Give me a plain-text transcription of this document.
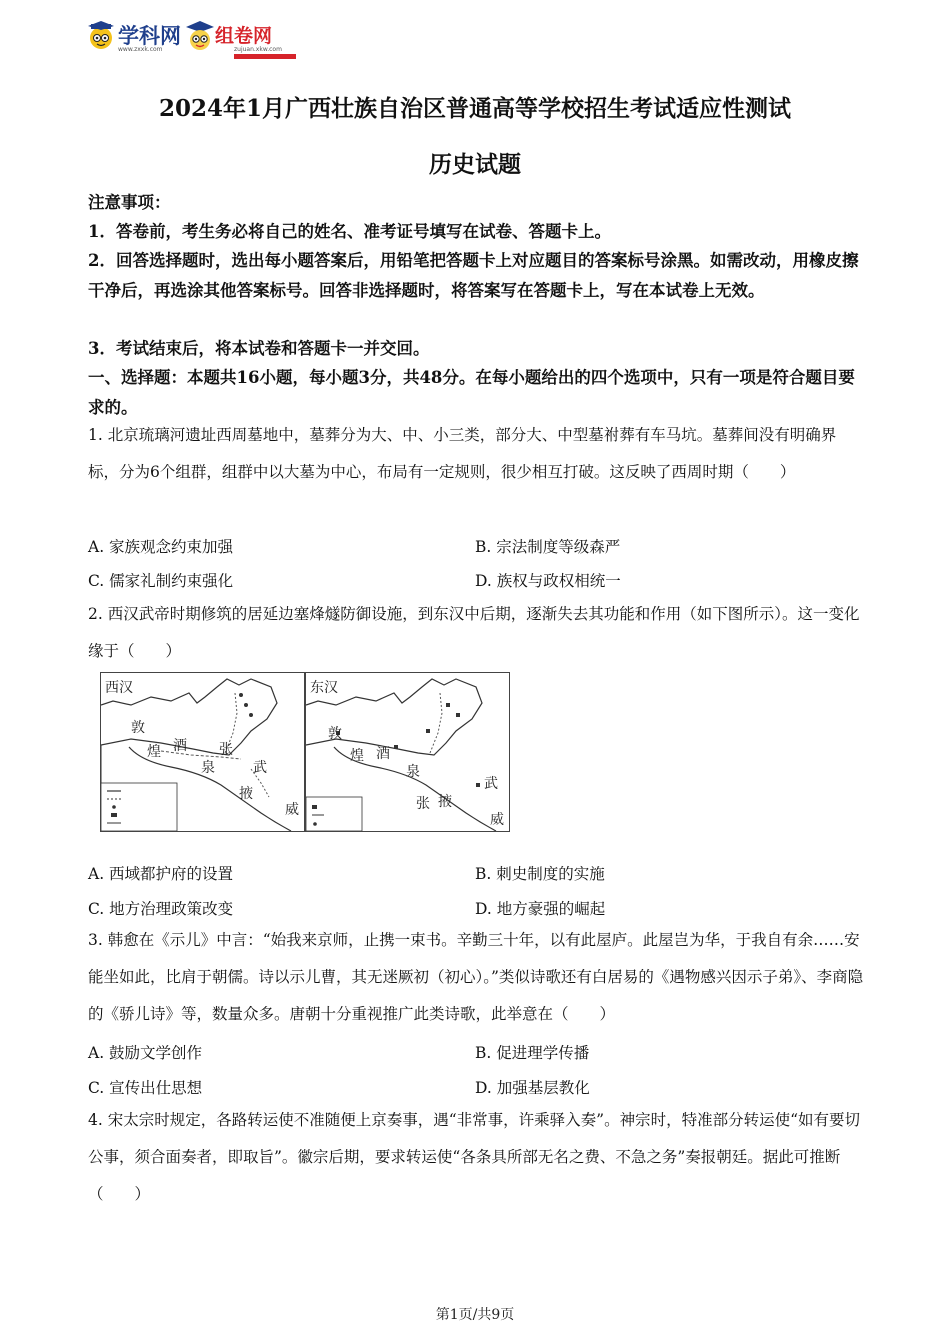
学科网
www.zxxk.com
组卷网
zujuan.xkw.com
2024年1月广西壮族自治区普通高等学校招生考试适应性测试
历史试题
注意事项：
1．答卷前，考生务必将自己的姓名、准考证号填写在试卷、答题卡上。
2．回答选择题时，选出每小题答案后，用铅笔把答题卡上对应题目的答案标号涂黑。如需改动，用橡皮擦干净后，再选涂其他答案标号。回答非选择题时，将答案写在答题卡上，写在本试卷上无效。
3．考试结束后，将本试卷和答题卡一并交回。
一、选择题：本题共16小题，每小题3分，共48分。在每小题给出的四个选项中，只有一项是符合题目要求的。
1. 北京琉璃河遗址西周墓地中，墓葬分为大、中、小三类，部分大、中型墓祔葬有车马坑。墓葬间没有明确界标，分为6个组群，组群中以大墓为中心，布局有一定规则，很少相互打破。这反映了西周时期（　　）
A. 家族观念约束加强	B. 宗法制度等级森严
C. 儒家礼制约束强化	D. 族权与政权相统一
2. 西汉武帝时期修筑的居延边塞烽燧防御设施，到东汉中后期，逐渐失去其功能和作用（如下图所示）。这一变化缘于（　　）
西汉
敦
煌 酒
泉
张
掖
武
威
东汉
敦
煌 酒
泉
张 掖
武
威
A. 西域都护府的设置	B. 刺史制度的实施
C. 地方治理政策改变	D. 地方豪强的崛起
3. 韩愈在《示儿》中言：“始我来京师，止携一束书。辛勤三十年，以有此屋庐。此屋岂为华，于我自有余……安能坐如此，比肩于朝儒。诗以示儿曹，其无迷厥初（初心）。”类似诗歌还有白居易的《遇物感兴因示子弟》、李商隐的《骄儿诗》等，数量众多。唐朝十分重视推广此类诗歌，此举意在（　　）
A. 鼓励文学创作	B. 促进理学传播
C. 宣传出仕思想	D. 加强基层教化
4. 宋太宗时规定，各路转运使不准随便上京奏事，遇“非常事，许乘驿入奏”。神宗时，特准部分转运使“如有要切公事，须合面奏者，即取旨”。徽宗后期，要求转运使“各条具所部无名之费、不急之务”奏报朝廷。据此可推断（　　）
第1页/共9页
